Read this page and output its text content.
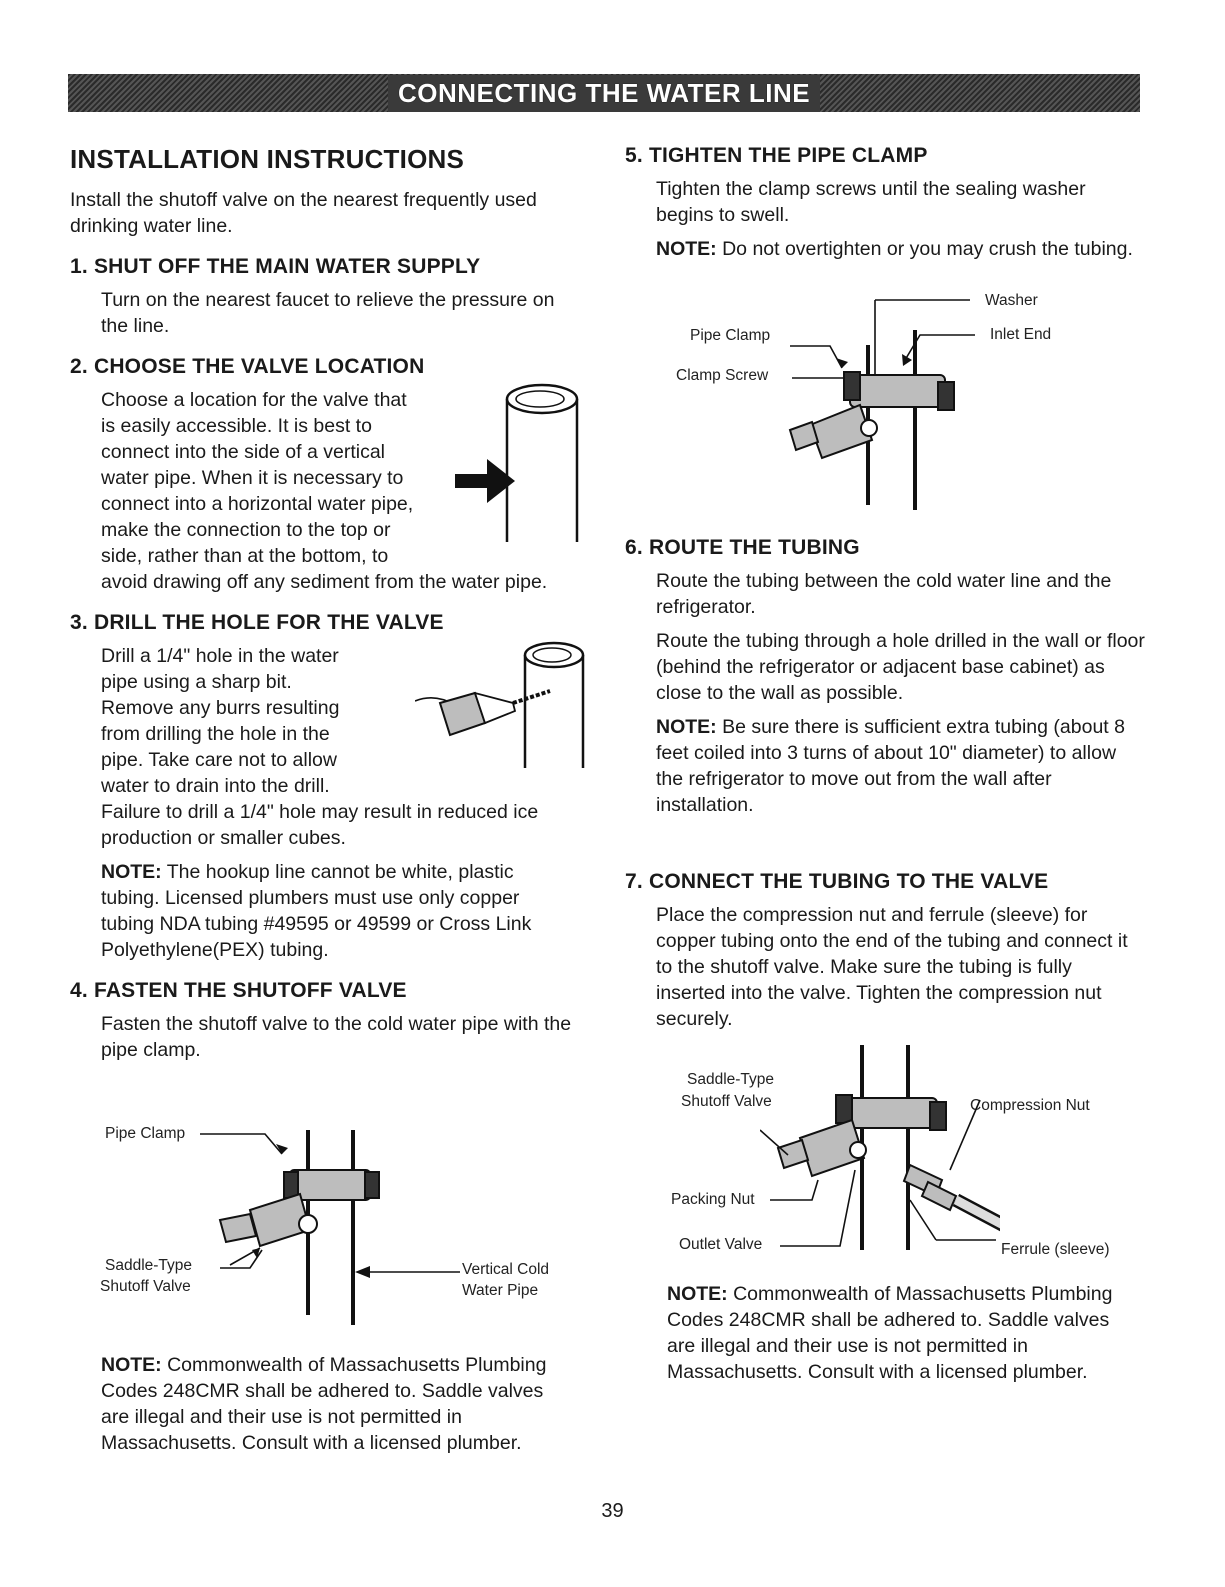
CONNECTING THE WATER LINE
INSTALLATION INSTRUCTIONS

Install the shutoff valve on the nearest frequently used drinking water line.

1. SHUT OFF THE MAIN WATER SUPPLY

Turn on the nearest faucet to relieve the pressure on the line.

2. CHOOSE THE VALVE LOCATION

Choose a location for the valve that is easily accessible. It is best to connect into the side of a vertical water pipe. When it is necessary to connect into a horizontal water pipe, make the connection to the top or side, rather than at the bottom, to avoid drawing off any sediment from the water pipe.

3. DRILL THE HOLE FOR THE VALVE

Drill a 1/4" hole in the water pipe using a sharp bit. Remove any burrs resulting from drilling the hole in the pipe. Take care not to allow water to drain into the drill. Failure to drill a 1/4" hole may result in reduced ice production or smaller cubes.

NOTE: The hookup line cannot be white, plastic tubing. Licensed plumbers must use only copper tubing NDA tubing #49595 or 49599 or Cross Link Polyethylene(PEX) tubing.

4. FASTEN THE SHUTOFF VALVE

Fasten the shutoff valve to the cold water pipe with the pipe clamp.

Pipe Clamp
Saddle-Type
Shutoff Valve
Vertical Cold
Water Pipe

NOTE: Commonwealth of Massachusetts Plumbing Codes 248CMR shall be adhered to. Saddle valves are illegal and their use is not permitted in Massachusetts. Consult with a licensed plumber.

5. TIGHTEN THE PIPE CLAMP

Tighten the clamp screws until the sealing washer begins to swell.

NOTE: Do not overtighten or you may crush the tubing.

Washer
Pipe Clamp	Inlet End
Clamp Screw
6. ROUTE THE TUBING

Route the tubing between the cold water line and the refrigerator.

Route the tubing through a hole drilled in the wall or floor (behind the refrigerator or adjacent base cabinet) as close to the wall as possible.

NOTE: Be sure there is sufficient extra tubing (about 8 feet coiled into 3 turns of about 10" diameter) to allow the refrigerator to move out from the wall after installation.

7. CONNECT THE TUBING TO THE VALVE

Place the compression nut and ferrule (sleeve) for copper tubing onto the end of the tubing and connect it to the shutoff valve. Make sure the tubing is fully inserted into the valve. Tighten the compression nut securely.

Saddle-Type
Shutoff Valve	Compression Nut
Packing Nut
Outlet Valve	Ferrule (sleeve)

NOTE: Commonwealth of Massachusetts Plumbing Codes 248CMR shall be adhered to. Saddle valves are illegal and their use is not permitted in Massachusetts. Consult with a licensed plumber.

39
